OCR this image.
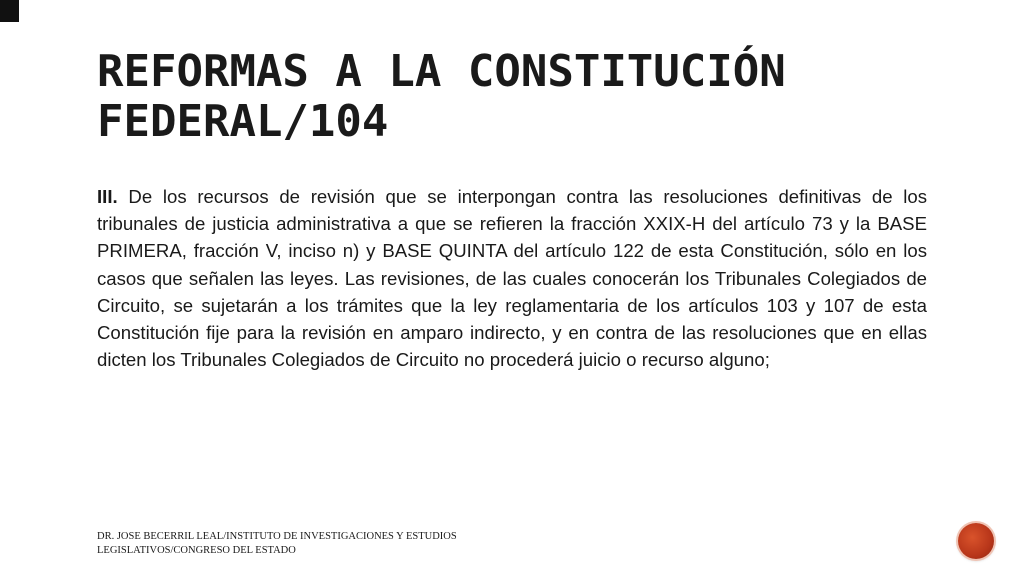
REFORMAS A LA CONSTITUCIÓN
FEDERAL/104

III. De los recursos de revisión que se interpongan contra las resoluciones definitivas de los tribunales de justicia administrativa a que se refieren la fracción XXIX-H del artículo 73 y la BASE PRIMERA, fracción V, inciso n) y BASE QUINTA del artículo 122 de esta Constitución, sólo en los casos que señalen las leyes. Las revisiones, de las cuales conocerán los Tribunales Colegiados de Circuito, se sujetarán a los trámites que la ley reglamentaria de los artículos 103 y 107 de esta Constitución fije para la revisión en amparo indirecto, y en contra de las resoluciones que en ellas dicten los Tribunales Colegiados de Circuito no procederá juicio o recurso alguno;

DR. JOSE BECERRIL LEAL/INSTITUTO DE INVESTIGACIONES Y ESTUDIOS LEGISLATIVOS/CONGRESO DEL ESTADO
